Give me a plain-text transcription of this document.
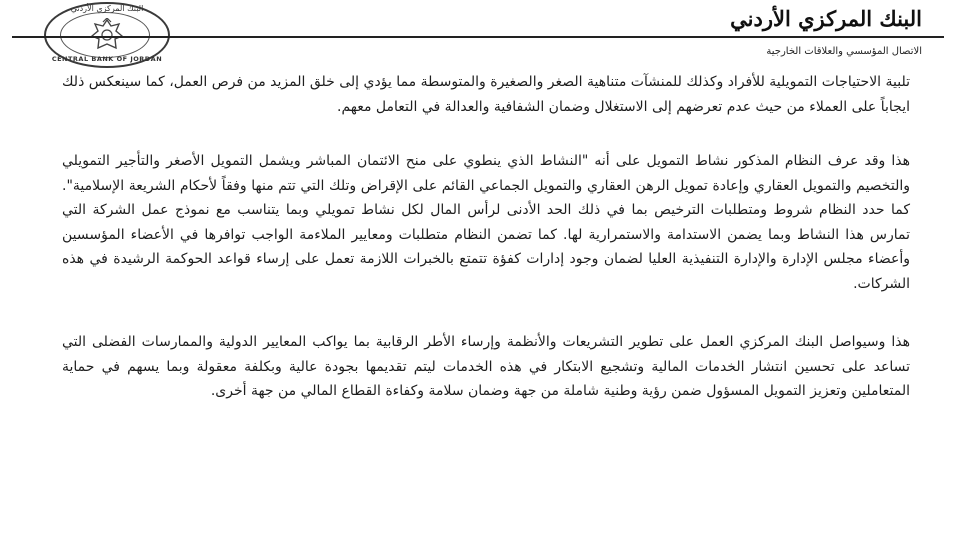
البنك المركزي الأردني
CENTRAL BANK OF JORDAN
البنك المركزي الأردني
الاتصال المؤسسي والعلاقات الخارجية

تلبية الاحتياجات التمويلية للأفراد وكذلك للمنشآت متناهية الصغر والصغيرة والمتوسطة مما يؤدي إلى خلق المزيد من فرص العمل، كما سينعكس ذلك ايجاباً على العملاء من حيث عدم تعرضهم إلى الاستغلال وضمان الشفافية والعدالة في التعامل معهم.

هذا وقد عرف النظام المذكور نشاط التمويل على أنه "النشاط الذي ينطوي على منح الائتمان المباشر ويشمل التمويل الأصغر والتأجير التمويلي والتخصيم والتمويل العقاري وإعادة تمويل الرهن العقاري والتمويل الجماعي القائم على الإقراض وتلك التي تتم منها وفقاً لأحكام الشريعة الإسلامية". كما حدد النظام شروط ومتطلبات الترخيص بما في ذلك الحد الأدنى لرأس المال لكل نشاط تمويلي وبما يتناسب مع نموذج عمل الشركة التي تمارس هذا النشاط وبما يضمن الاستدامة والاستمرارية لها. كما تضمن النظام متطلبات ومعايير الملاءمة الواجب توافرها في الأعضاء المؤسسين وأعضاء مجلس الإدارة والإدارة التنفيذية العليا لضمان وجود إدارات كفؤة تتمتع بالخبرات اللازمة تعمل على إرساء قواعد الحوكمة الرشيدة في هذه الشركات.

هذا وسيواصل البنك المركزي العمل على تطوير التشريعات والأنظمة وإرساء الأطر الرقابية بما يواكب المعايير الدولية والممارسات الفضلى التي تساعد على تحسين انتشار الخدمات المالية وتشجيع الابتكار في هذه الخدمات ليتم تقديمها بجودة عالية وبكلفة معقولة وبما يسهم في حماية المتعاملين وتعزيز التمويل المسؤول ضمن رؤية وطنية شاملة من جهة وضمان سلامة وكفاءة القطاع المالي من جهة أخرى.
